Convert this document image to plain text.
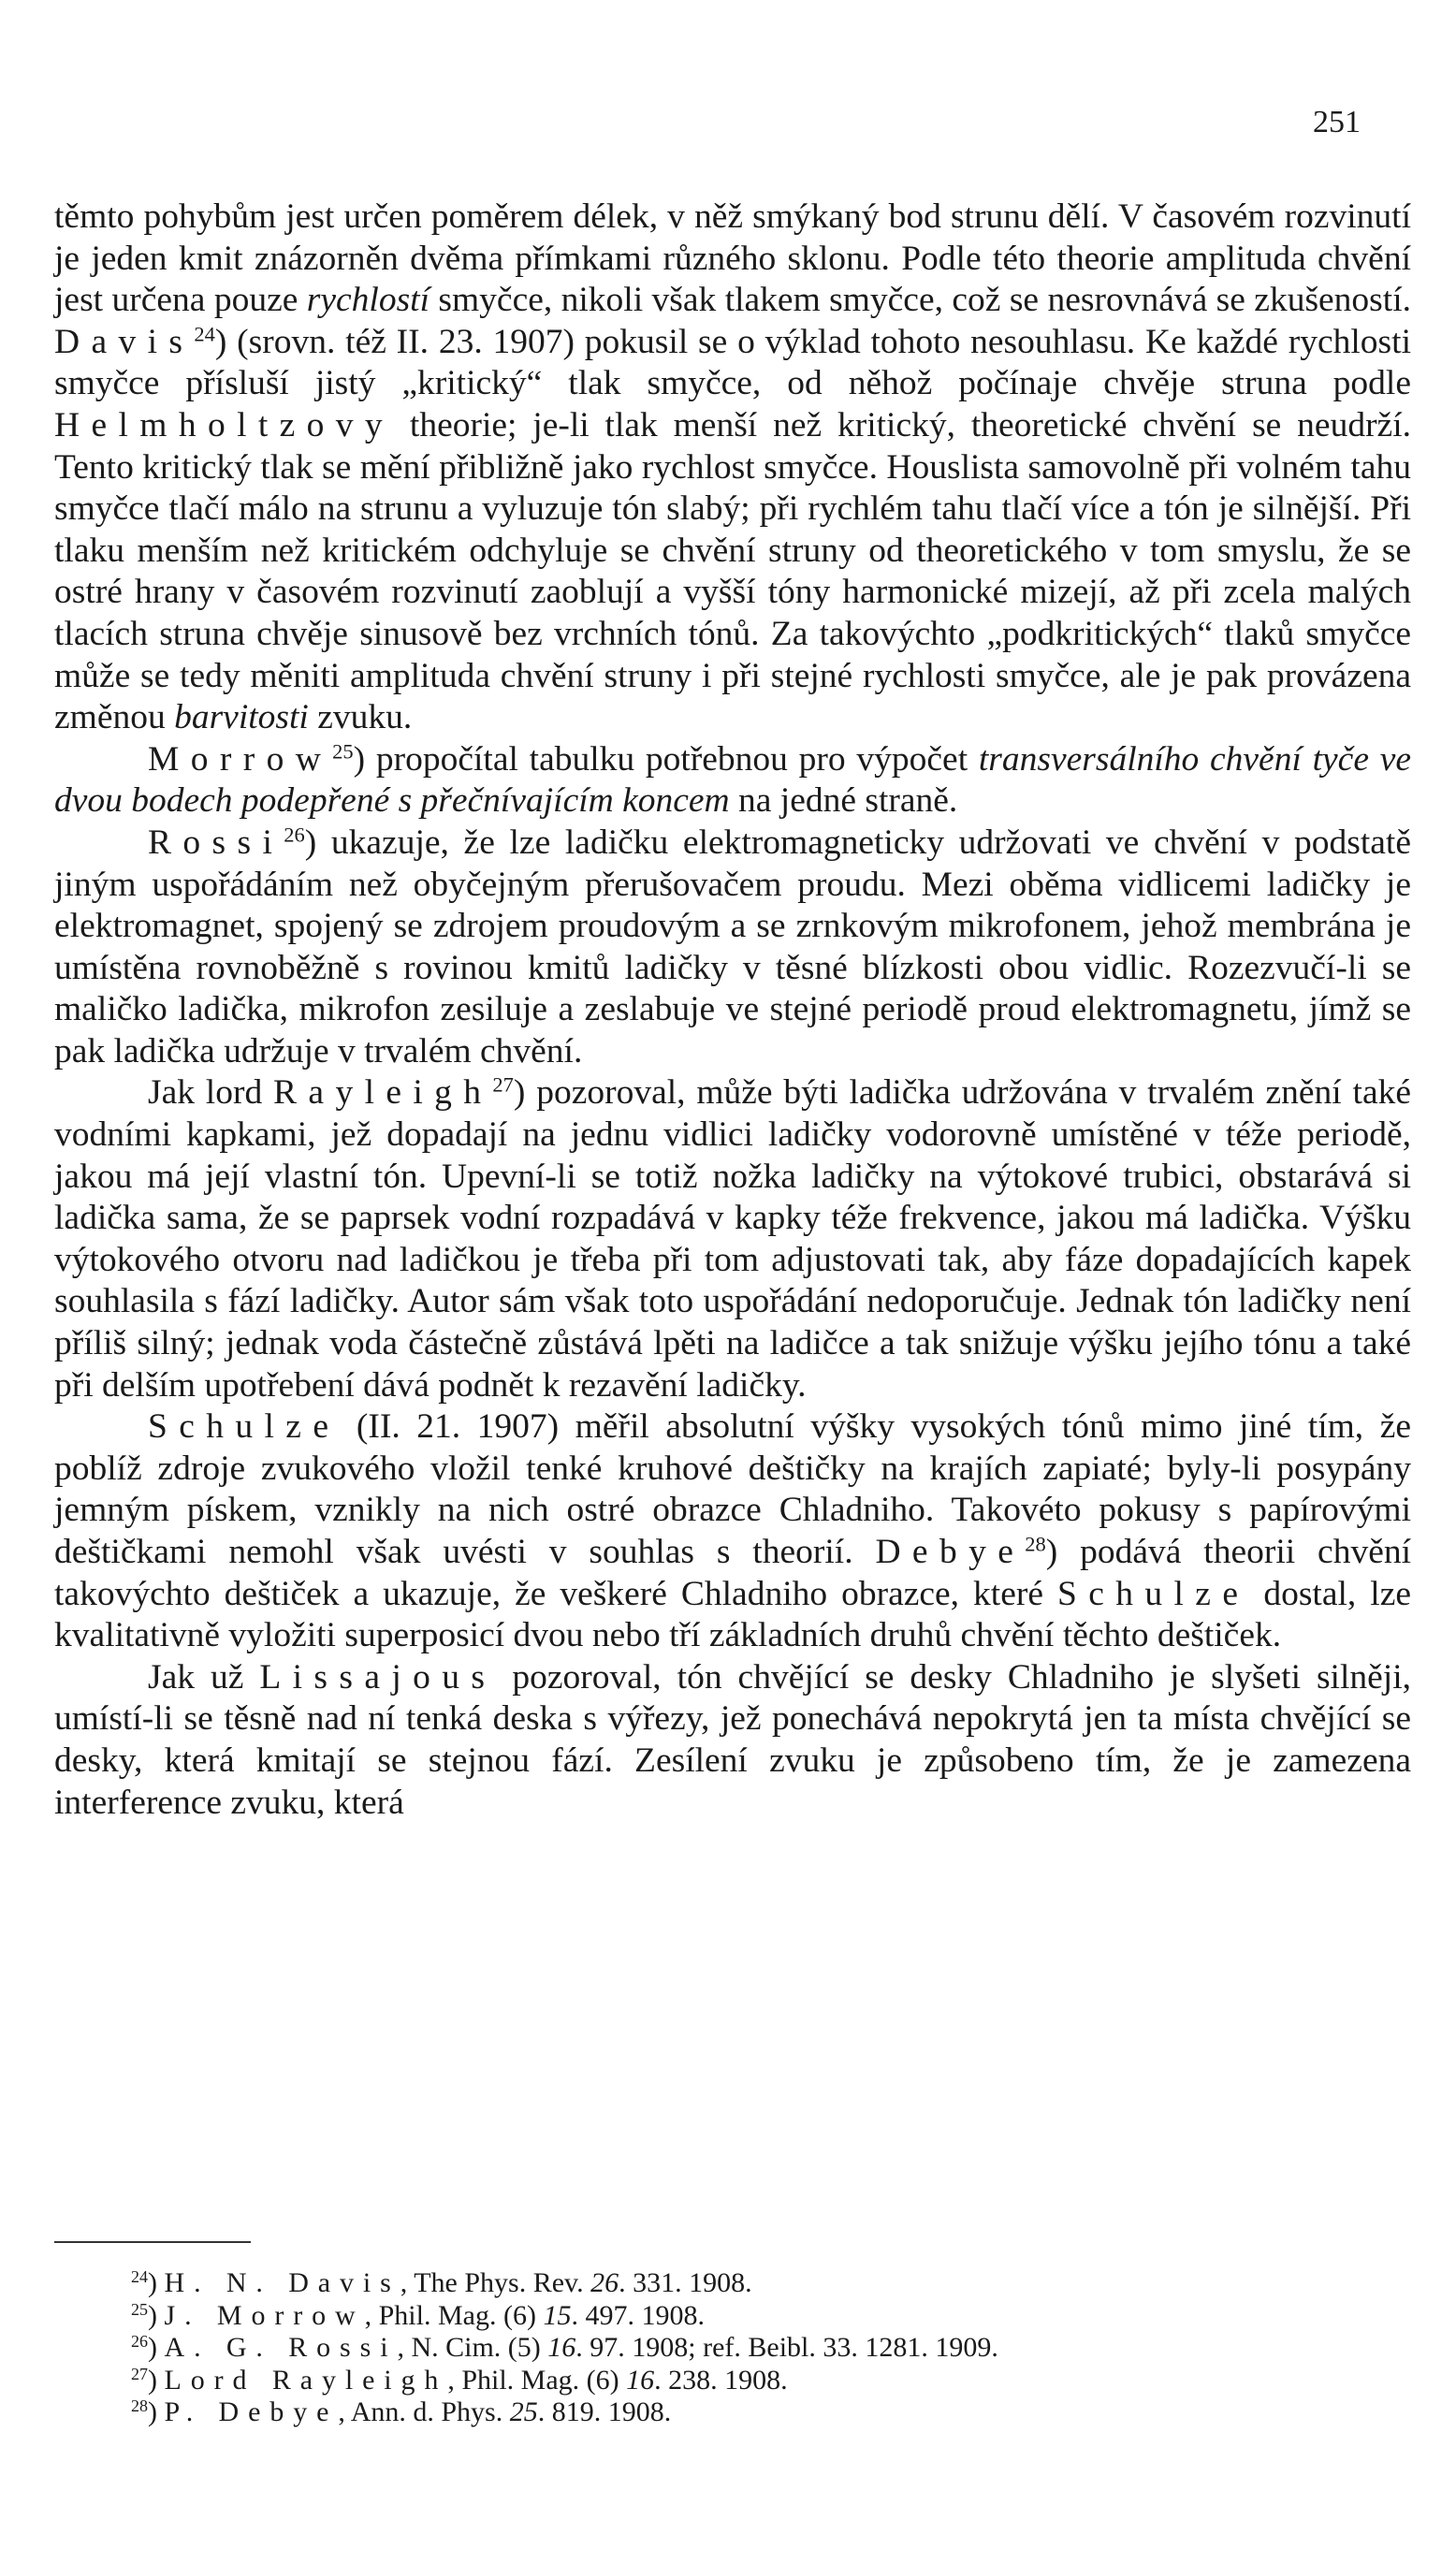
251

těmto pohybům jest určen poměrem délek, v něž smýkaný bod strunu dělí. V časovém rozvinutí je jeden kmit znázorněn dvěma přímkami různého sklonu. Podle této theorie amplituda chvění jest určena pouze rychlostí smyčce, nikoli však tlakem smyčce, což se nesrovnává se zkušeností. Davis$^{24}$) (srovn. též II. 23. 1907) pokusil se o výklad tohoto nesouhlasu. Ke každé rychlosti smyčce přísluší jistý „kritický“ tlak smyčce, od něhož počínaje chvěje struna podle Helmholtzovy theorie; je-li tlak menší než kritický, theoretické chvění se neudrží. Tento kritický tlak se mění přibližně jako rychlost smyčce. Houslista samovolně při volném tahu smyčce tlačí málo na strunu a vyluzuje tón slabý; při rychlém tahu tlačí více a tón je silnější. Při tlaku menším než kritickém odchyluje se chvění struny od theoretického v tom smyslu, že se ostré hrany v časovém rozvinutí zaoblují a vyšší tóny harmonické mizejí, až při zcela malých tlacích struna chvěje sinusově bez vrchních tónů. Za takovýchto „podkritických“ tlaků smyčce může se tedy měniti amplituda chvění struny i při stejné rychlosti smyčce, ale je pak provázena změnou barvitosti zvuku.

Morrow$^{25}$) propočítal tabulku potřebnou pro výpočet transversálního chvění tyče ve dvou bodech podepřené s přečnívajícím koncem na jedné straně.

Rossi$^{26}$) ukazuje, že lze ladičku elektromagneticky udržovati ve chvění v podstatě jiným uspořádáním než obyčejným přerušovačem proudu. Mezi oběma vidlicemi ladičky je elektromagnet, spojený se zdrojem proudovým a se zrnkovým mikrofonem, jehož membrána je umístěna rovnoběžně s rovinou kmitů ladičky v těsné blízkosti obou vidlic. Rozezvučí-li se maličko ladička, mikrofon zesiluje a zeslabuje ve stejné periodě proud elektromagnetu, jímž se pak ladička udržuje v trvalém chvění.

Jak lord Rayleigh$^{27}$) pozoroval, může býti ladička udržována v trvalém znění také vodními kapkami, jež dopadají na jednu vidlici ladičky vodorovně umístěné v téže periodě, jakou má její vlastní tón. Upevní-li se totiž nožka ladičky na výtokové trubici, obstarává si ladička sama, že se paprsek vodní rozpadává v kapky téže frekvence, jakou má ladička. Výšku výtokového otvoru nad ladičkou je třeba při tom adjustovati tak, aby fáze dopadajících kapek souhlasila s fází ladičky. Autor sám však toto uspořádání nedoporučuje. Jednak tón ladičky není příliš silný; jednak voda částečně zůstává lpěti na ladičce a tak snižuje výšku jejího tónu a také při delším upotřebení dává podnět k rezavění ladičky.

Schulze (II. 21. 1907) měřil absolutní výšky vysokých tónů mimo jiné tím, že poblíž zdroje zvukového vložil tenké kruhové deštičky na krajích zapiaté; byly-li posypány jemným pískem, vznikly na nich ostré obrazce Chladniho. Takovéto pokusy s papírovými deštičkami nemohl však uvésti v souhlas s theorií. Debye$^{28}$) podává theorii chvění takovýchto deštiček a ukazuje, že veškeré Chladniho obrazce, které Schulze dostal, lze kvalitativně vyložiti superposicí dvou nebo tří základních druhů chvění těchto deštiček.

Jak už Lissajous pozoroval, tón chvějící se desky Chladniho je slyšeti silněji, umístí-li se těsně nad ní tenká deska s výřezy, jež ponechává nepokrytá jen ta místa chvějící se desky, která kmitají se stejnou fází. Zesílení zvuku je způsobeno tím, že je zamezena interference zvuku, která

$^{24}$) H. N. Davis, The Phys. Rev. 26. 331. 1908.
$^{25}$) J. Morrow, Phil. Mag. (6) 15. 497. 1908.
$^{26}$) A. G. Rossi, N. Cim. (5) 16. 97. 1908; ref. Beibl. 33. 1281. 1909.
$^{27}$) Lord Rayleigh, Phil. Mag. (6) 16. 238. 1908.
$^{28}$) P. Debye, Ann. d. Phys. 25. 819. 1908.
